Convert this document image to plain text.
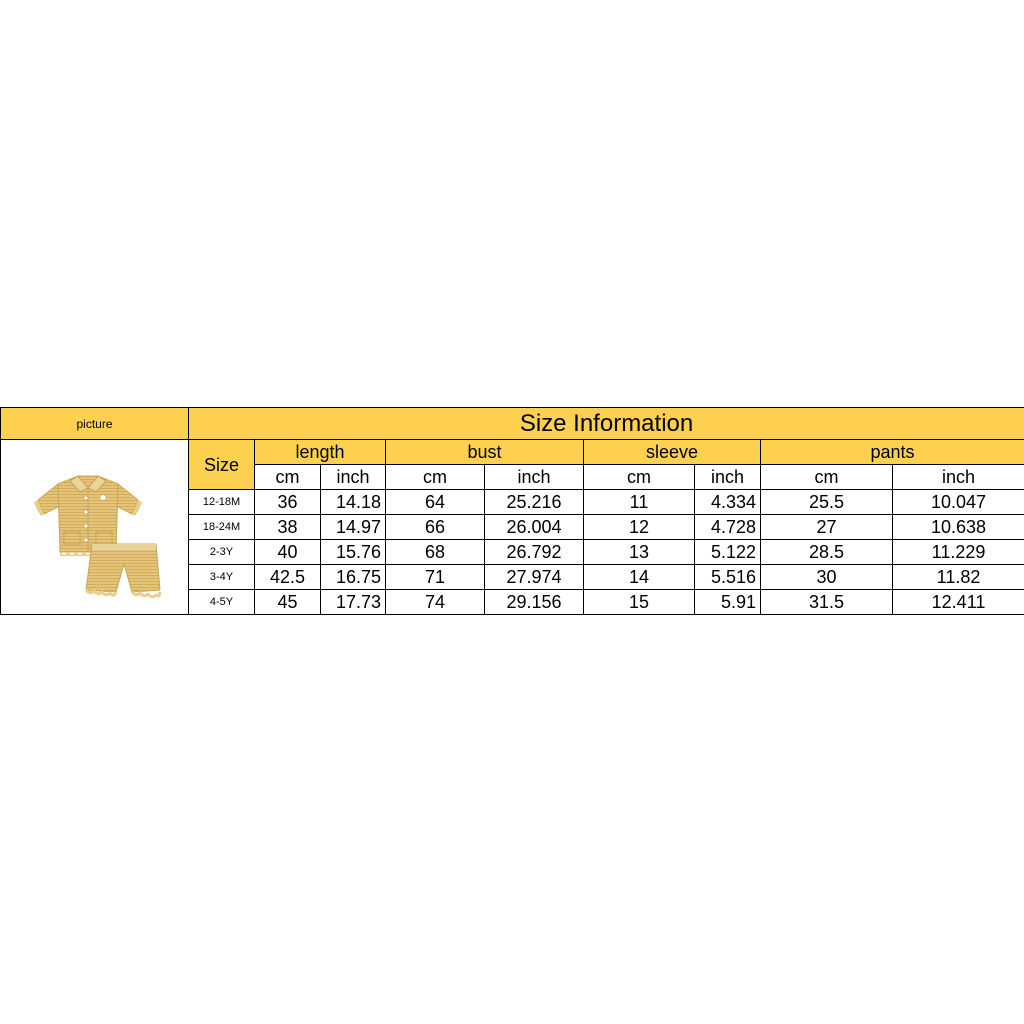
picture	Size Information								

	Size	length		bust		sleeve		pants	
		cm	inch	cm	inch	cm	inch	cm	inch
	12-18M	36	14.18	64	25.216	11	4.334	25.5	10.047
	18-24M	38	14.97	66	26.004	12	4.728	27	10.638
	2-3Y	40	15.76	68	26.792	13	5.122	28.5	11.229
	3-4Y	42.5	16.75	71	27.974	14	5.516	30	11.82
	4-5Y	45	17.73	74	29.156	15	5.91	31.5	12.411
